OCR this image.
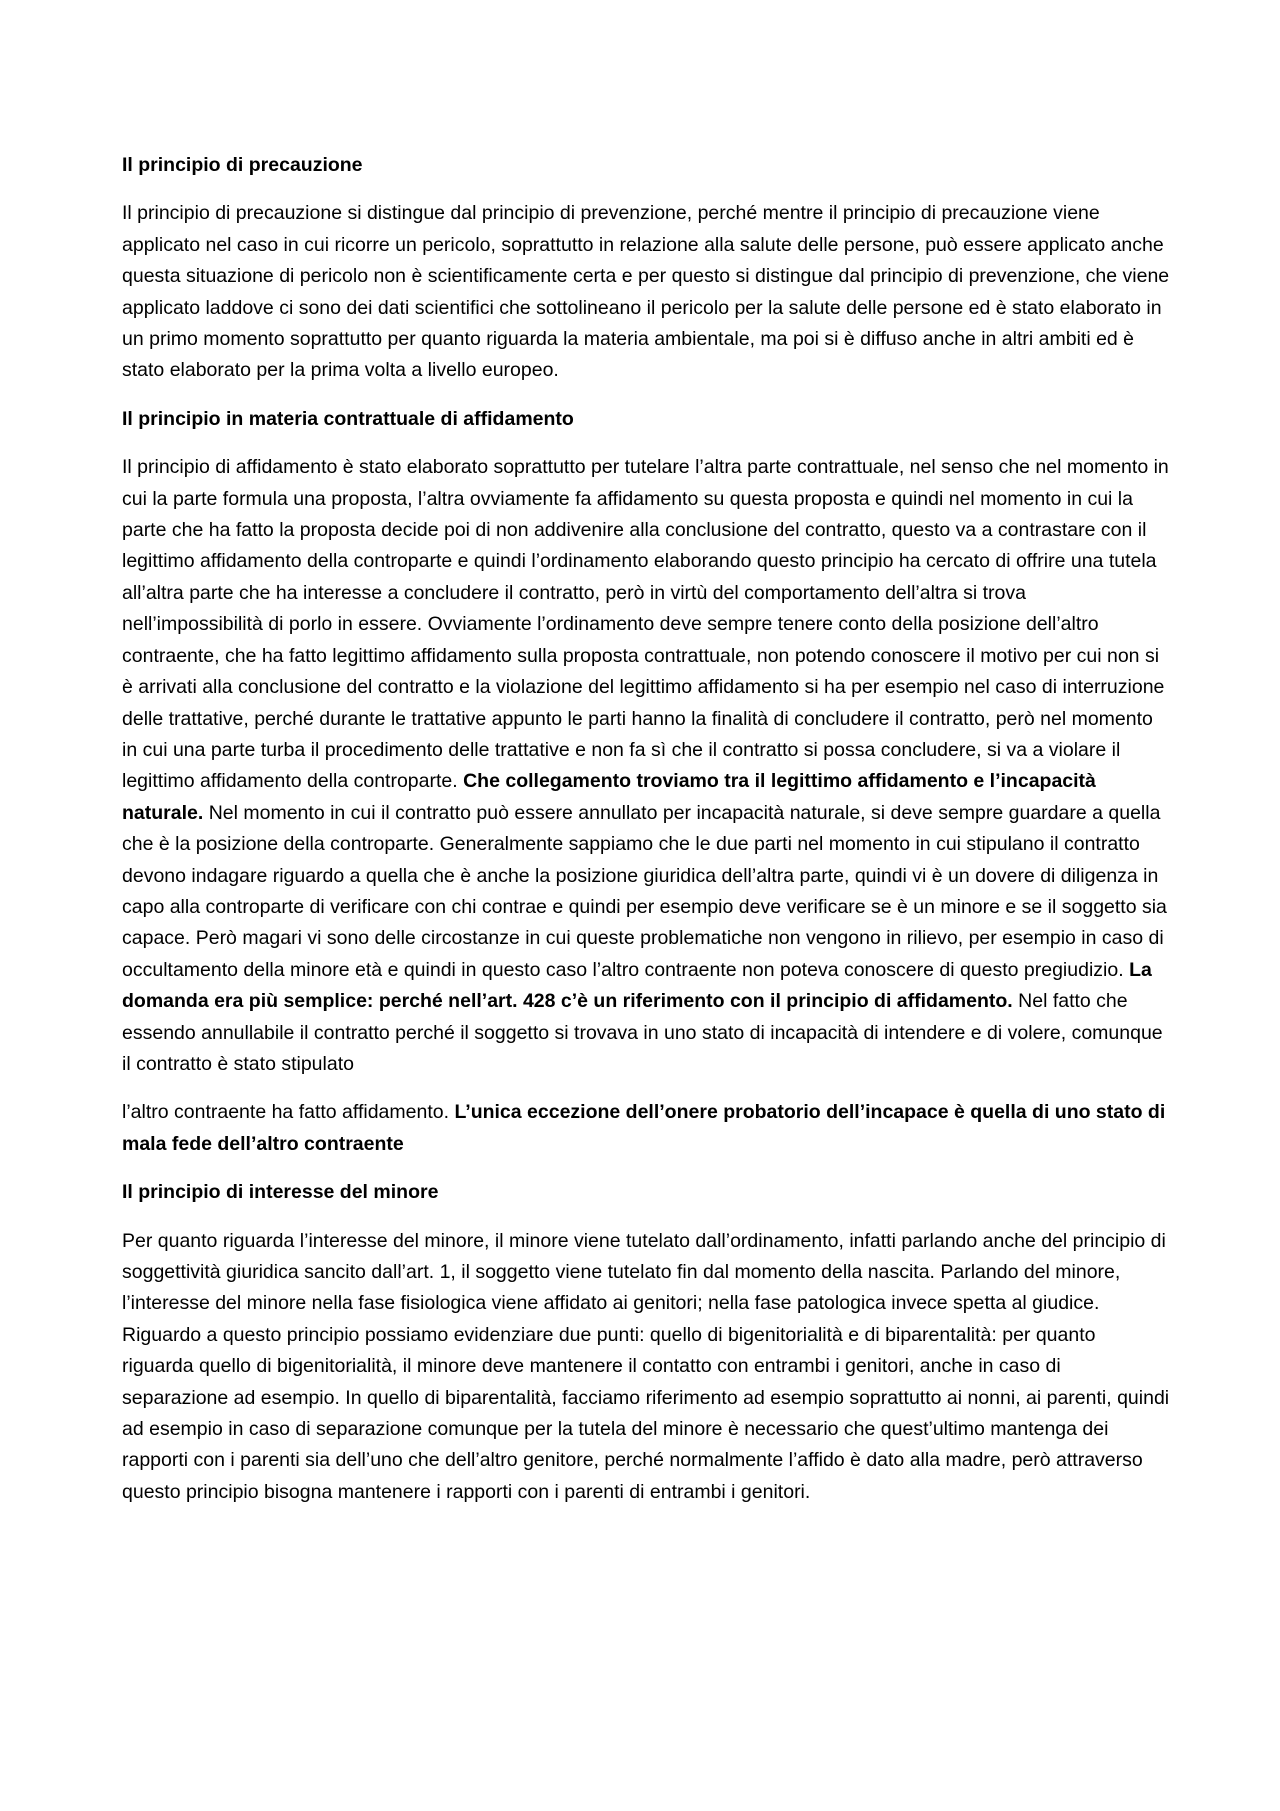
Il principio di precauzione

Il principio di precauzione si distingue dal principio di prevenzione, perché mentre il principio di precauzione viene applicato nel caso in cui ricorre un pericolo, soprattutto in relazione alla salute delle persone, può essere applicato anche questa situazione di pericolo non è scientificamente certa e per questo si distingue dal principio di prevenzione, che viene applicato laddove ci sono dei dati scientifici che sottolineano il pericolo per la salute delle persone ed è stato elaborato in un primo momento soprattutto per quanto riguarda la materia ambientale, ma poi si è diffuso anche in altri ambiti ed è stato elaborato per la prima volta a livello europeo.

Il principio in materia contrattuale di affidamento

Il principio di affidamento è stato elaborato soprattutto per tutelare l’altra parte contrattuale, nel senso che nel momento in cui la parte formula una proposta, l’altra ovviamente fa affidamento su questa proposta e quindi nel momento in cui la parte che ha fatto la proposta decide poi di non addivenire alla conclusione del contratto, questo va a contrastare con il legittimo affidamento della controparte e quindi l’ordinamento elaborando questo principio ha cercato di offrire una tutela all’altra parte che ha interesse a concludere il contratto, però in virtù del comportamento dell’altra si trova nell’impossibilità di porlo in essere. Ovviamente l’ordinamento deve sempre tenere conto della posizione dell’altro contraente, che ha fatto legittimo affidamento sulla proposta contrattuale, non potendo conoscere il motivo per cui non si è arrivati alla conclusione del contratto e la violazione del legittimo affidamento si ha per esempio nel caso di interruzione delle trattative, perché durante le trattative appunto le parti hanno la finalità di concludere il contratto, però nel momento in cui una parte turba il procedimento delle trattative e non fa sì che il contratto si possa concludere, si va a violare il legittimo affidamento della controparte. Che collegamento troviamo tra il legittimo affidamento e l’incapacità naturale. Nel momento in cui il contratto può essere annullato per incapacità naturale, si deve sempre guardare a quella che è la posizione della controparte. Generalmente sappiamo che le due parti nel momento in cui stipulano il contratto devono indagare riguardo a quella che è anche la posizione giuridica dell’altra parte, quindi vi è un dovere di diligenza in capo alla controparte di verificare con chi contrae e quindi per esempio deve verificare se è un minore e se il soggetto sia capace. Però magari vi sono delle circostanze in cui queste problematiche non vengono in rilievo, per esempio in caso di occultamento della minore età e quindi in questo caso l’altro contraente non poteva conoscere di questo pregiudizio. La domanda era più semplice: perché nell’art. 428 c’è un riferimento con il principio di affidamento. Nel fatto che essendo annullabile il contratto perché il soggetto si trovava in uno stato di incapacità di intendere e di volere, comunque il contratto è stato stipulato

l’altro contraente ha fatto affidamento. L’unica eccezione dell’onere probatorio dell’incapace è quella di uno stato di mala fede dell’altro contraente

Il principio di interesse del minore

Per quanto riguarda l’interesse del minore, il minore viene tutelato dall’ordinamento, infatti parlando anche del principio di soggettività giuridica sancito dall’art. 1, il soggetto viene tutelato fin dal momento della nascita. Parlando del minore, l’interesse del minore nella fase fisiologica viene affidato ai genitori; nella fase patologica invece spetta al giudice. Riguardo a questo principio possiamo evidenziare due punti: quello di bigenitorialità e di biparentalità: per quanto riguarda quello di bigenitorialità, il minore deve mantenere il contatto con entrambi i genitori, anche in caso di separazione ad esempio. In quello di biparentalità, facciamo riferimento ad esempio soprattutto ai nonni, ai parenti, quindi ad esempio in caso di separazione comunque per la tutela del minore è necessario che quest’ultimo mantenga dei rapporti con i parenti sia dell’uno che dell’altro genitore, perché normalmente l’affido è dato alla madre, però attraverso questo principio bisogna mantenere i rapporti con i parenti di entrambi i genitori.
